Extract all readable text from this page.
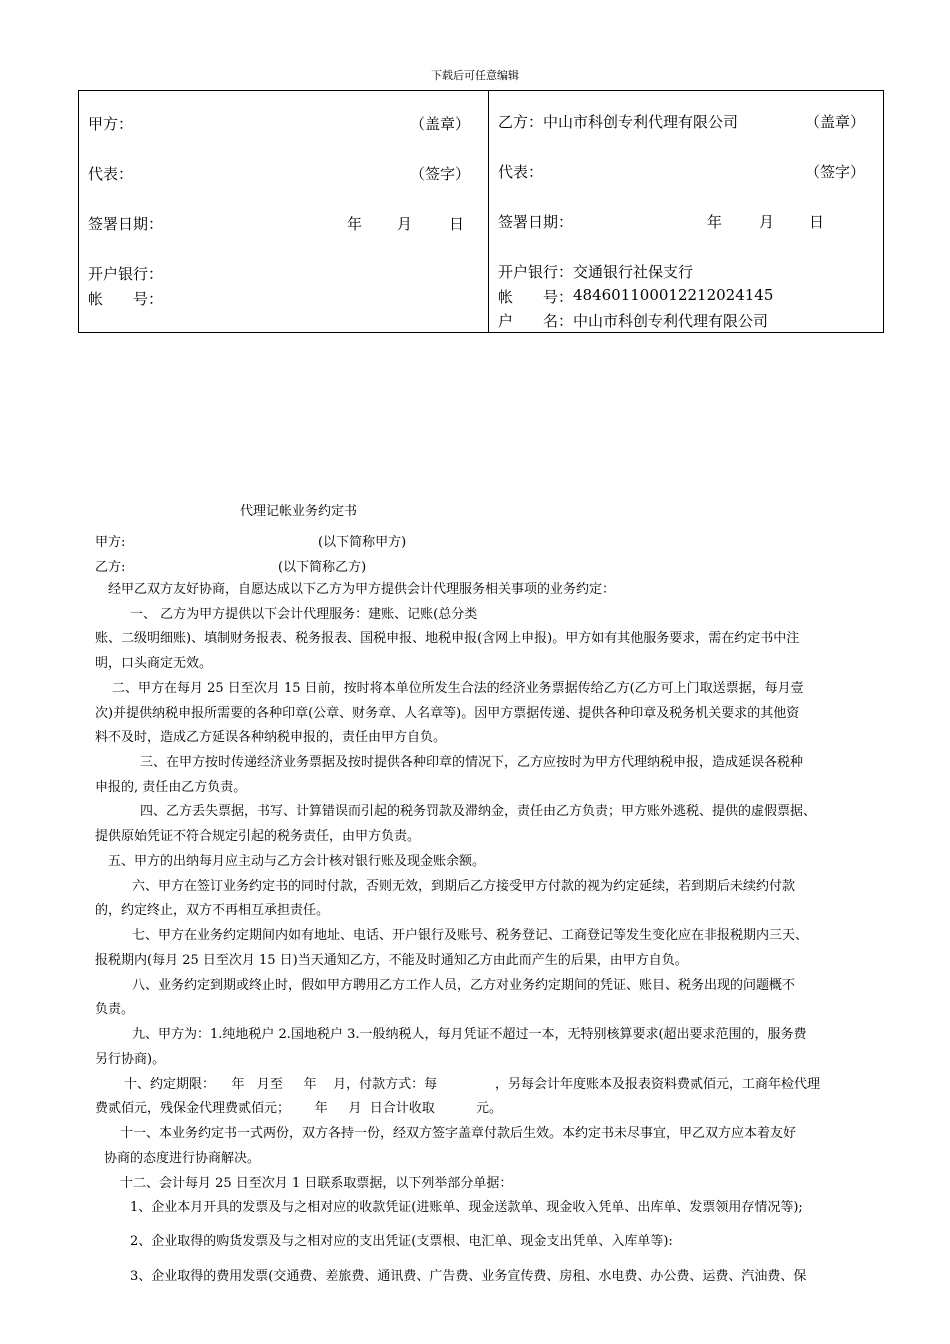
下载后可任意编辑
甲方：	（盖章）
代表：	（签字）
签署日期：	年 月 日
开户银行：
帐　　号：
乙方：中山市科创专利代理有限公司	（盖章）
代表：	（签字）
签署日期：	年 月 日
开户银行： 交通银行社保支行
帐　　号： 484601100012212024145
户　　名： 中山市科创专利代理有限公司
代理记帐业务约定书
甲方:	(以下简称甲方)
乙方:	(以下简称乙方)
经甲乙双方友好协商，自愿达成以下乙方为甲方提供会计代理服务相关事项的业务约定：
一、 乙方为甲方提供以下会计代理服务：建账、记账(总分类
账、二级明细账)、填制财务报表、税务报表、国税申报、地税申报(含网上申报)。甲方如有其他服务要求，需在约定书中注
明，口头商定无效。
二、甲方在每月 25 日至次月 15 日前，按时将本单位所发生合法的经济业务票据传给乙方(乙方可上门取送票据，每月壹
次)并提供纳税申报所需要的各种印章(公章、财务章、人名章等)。因甲方票据传递、提供各种印章及税务机关要求的其他资
料不及时，造成乙方延误各种纳税申报的，责任由甲方自负。
三、在甲方按时传递经济业务票据及按时提供各种印章的情况下，乙方应按时为甲方代理纳税申报，造成延误各税种
申报的, 责任由乙方负责。
四、乙方丢失票据，书写、计算错误而引起的税务罚款及滞纳金，责任由乙方负责；甲方账外逃税、提供的虚假票据、
提供原始凭证不符合规定引起的税务责任，由甲方负责。
五、甲方的出纳每月应主动与乙方会计核对银行账及现金账余额。
六、甲方在签订业务约定书的同时付款，否则无效，到期后乙方接受甲方付款的视为约定延续，若到期后未续约付款
的，约定终止，双方不再相互承担责任。
七、甲方在业务约定期间内如有地址、电话、开户银行及账号、税务登记、工商登记等发生变化应在非报税期内三天、
报税期内(每月 25 日至次月 15 日)当天通知乙方，不能及时通知乙方由此而产生的后果，由甲方自负。
八、业务约定到期或终止时，假如甲方聘用乙方工作人员，乙方对业务约定期间的凭证、账目、税务出现的问题概不
负责。
九、甲方为：1.纯地税户 2.国地税户 3.一般纳税人，每月凭证不超过一本，无特别核算要求(超出要求范围的，服务费
另行协商)。
十、约定期限：    年   月至     年    月，付款方式：每              ，另每会计年度账本及报表资料费贰佰元，工商年检代理
费贰佰元，残保金代理费贰佰元；      年     月  日合计收取          元。
十一、本业务约定书一式两份，双方各持一份，经双方签字盖章付款后生效。本约定书未尽事宜，甲乙双方应本着友好
协商的态度进行协商解决。
十二、会计每月 25 日至次月 1 日联系取票据，以下列举部分单据：
1、企业本月开具的发票及与之相对应的收款凭证(进账单、现金送款单、现金收入凭单、出库单、发票领用存情况等);
2、企业取得的购货发票及与之相对应的支出凭证(支票根、电汇单、现金支出凭单、入库单等):
3、企业取得的费用发票(交通费、差旅费、通讯费、广告费、业务宣传费、房租、水电费、办公费、运费、汽油费、保
